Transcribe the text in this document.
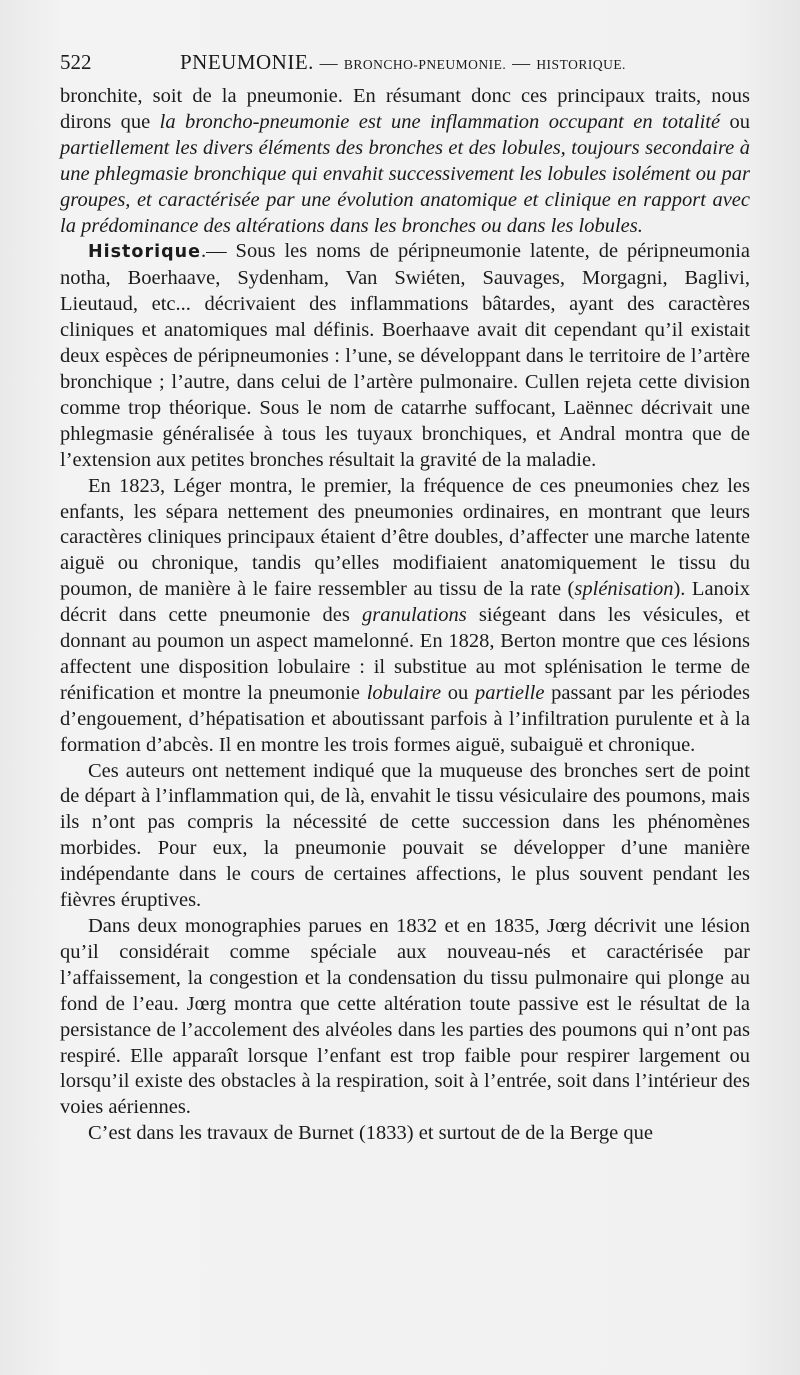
522	PNEUMONIE. — BRONCHO-PNEUMONIE. — HISTORIQUE.

bronchite, soit de la pneumonie. En résumant donc ces principaux traits, nous dirons que la broncho-pneumonie est une inflammation occupant en totalité ou partiellement les divers éléments des bronches et des lobules, toujours secondaire à une phlegmasie bronchique qui envahit successivement les lobules isolément ou par groupes, et caractérisée par une évolution anatomique et clinique en rapport avec la prédominance des altérations dans les bronches ou dans les lobules.

Historique.— Sous les noms de péripneumonie latente, de péripneumonia notha, Boerhaave, Sydenham, Van Swiéten, Sauvages, Morgagni, Baglivi, Lieutaud, etc... décrivaient des inflammations bâtardes, ayant des caractères cliniques et anatomiques mal définis. Boerhaave avait dit cependant qu’il existait deux espèces de péripneumonies : l’une, se développant dans le territoire de l’artère bronchique ; l’autre, dans celui de l’artère pulmonaire. Cullen rejeta cette division comme trop théorique. Sous le nom de catarrhe suffocant, Laënnec décrivait une phlegmasie généralisée à tous les tuyaux bronchiques, et Andral montra que de l’extension aux petites bronches résultait la gravité de la maladie.

En 1823, Léger montra, le premier, la fréquence de ces pneumonies chez les enfants, les sépara nettement des pneumonies ordinaires, en montrant que leurs caractères cliniques principaux étaient d’être doubles, d’affecter une marche latente aiguë ou chronique, tandis qu’elles modifiaient anatomiquement le tissu du poumon, de manière à le faire ressembler au tissu de la rate (splénisation). Lanoix décrit dans cette pneumonie des granulations siégeant dans les vésicules, et donnant au poumon un aspect mamelonné. En 1828, Berton montre que ces lésions affectent une disposition lobulaire : il substitue au mot splénisation le terme de rénification et montre la pneumonie lobulaire ou partielle passant par les périodes d’engouement, d’hépatisation et aboutissant parfois à l’infiltration purulente et à la formation d’abcès. Il en montre les trois formes aiguë, subaiguë et chronique.

Ces auteurs ont nettement indiqué que la muqueuse des bronches sert de point de départ à l’inflammation qui, de là, envahit le tissu vésiculaire des poumons, mais ils n’ont pas compris la nécessité de cette succession dans les phénomènes morbides. Pour eux, la pneumonie pouvait se développer d’une manière indépendante dans le cours de certaines affections, le plus souvent pendant les fièvres éruptives.

Dans deux monographies parues en 1832 et en 1835, Jœrg décrivit une lésion qu’il considérait comme spéciale aux nouveau-nés et caractérisée par l’affaissement, la congestion et la condensation du tissu pulmonaire qui plonge au fond de l’eau. Jœrg montra que cette altération toute passive est le résultat de la persistance de l’accolement des alvéoles dans les parties des poumons qui n’ont pas respiré. Elle apparaît lorsque l’enfant est trop faible pour respirer largement ou lorsqu’il existe des obstacles à la respiration, soit à l’entrée, soit dans l’intérieur des voies aériennes.

C’est dans les travaux de Burnet (1833) et surtout de de la Berge que
